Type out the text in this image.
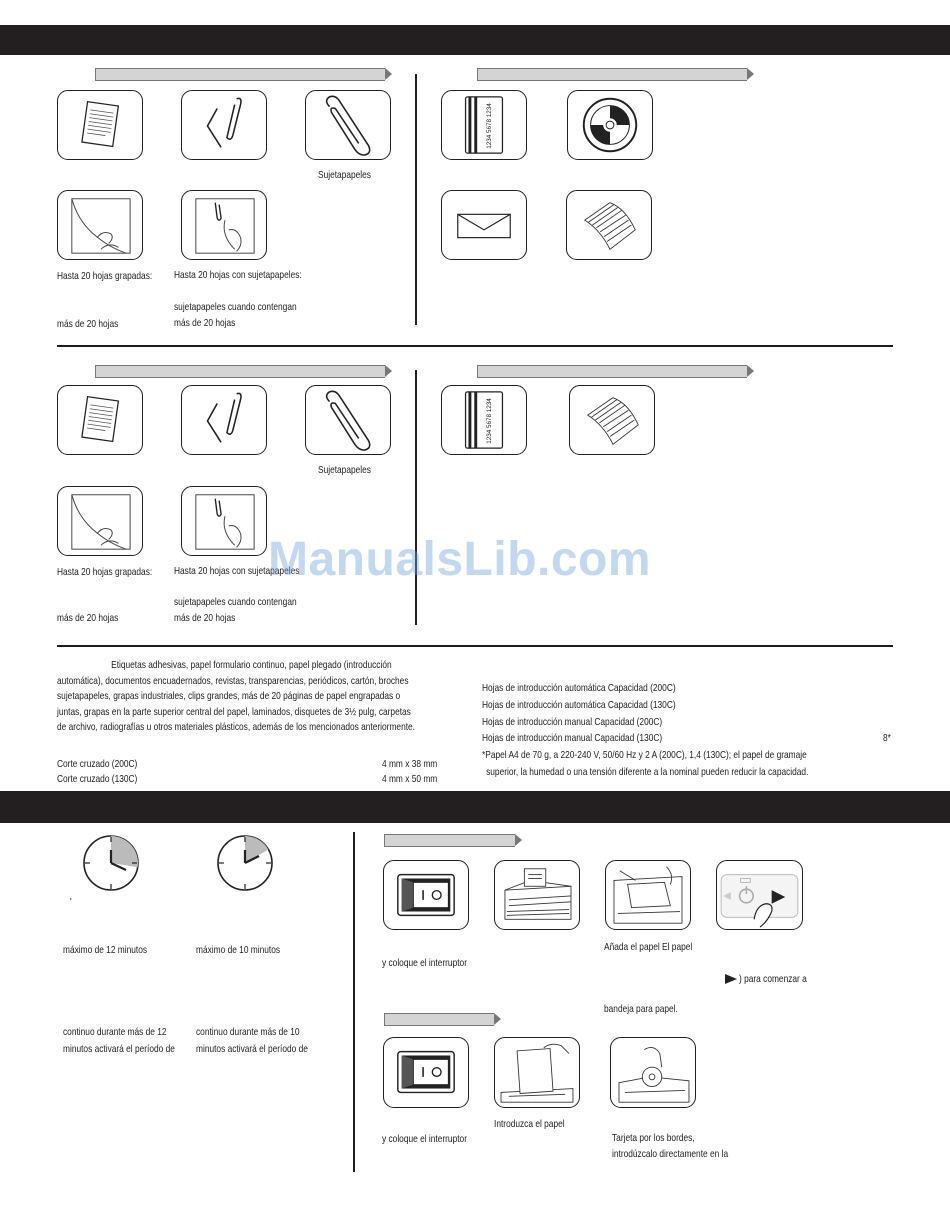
Sujetapapeles
Hasta 20 hojas grapadas:
más de 20 hojas
Hasta 20 hojas con sujetapapeles:
sujetapapeles cuando contengan
más de 20 hojas
1234 5678 1234
Sujetapapeles
Hasta 20 hojas grapadas:
más de 20 hojas
Hasta 20 hojas con sujetapapeles
sujetapapeles cuando contengan
más de 20 hojas
1234 5678 1234
Etiquetas adhesivas, papel formulario continuo, papel plegado (introducción
automática), documentos encuadernados, revistas, transparencias, periódicos, cartón, broches
sujetapapeles, grapas industriales, clips grandes, más de 20 páginas de papel engrapadas o
juntas, grapas en la parte superior central del papel, laminados, disquetes de 3½ pulg, carpetas
de archivo, radiografías u otros materiales plásticos, además de los mencionados anteriormente.
Corte cruzado (200C)	4 mm x 38 mm
Corte cruzado (130C)	4 mm x 50 mm
Hojas de introducción automática Capacidad (200C)
Hojas de introducción automática Capacidad (130C)
Hojas de introducción manual Capacidad (200C)
Hojas de introducción manual Capacidad (130C)
*Papel A4 de 70 g, a 220-240 V, 50/60 Hz y 2 A (200C), 1,4 (130C); el papel de gramaje
superior, la humedad o una tensión diferente a la nominal pueden reducir la capacidad.
8*
'
máximo de 12 minutos	máximo de 10 minutos
continuo durante más de 12
minutos activará el período de
continuo durante más de 10
minutos activará el período de
y coloque el interruptor
Añada el papel El papel
) para comenzar a
bandeja para papel.
y coloque el interruptor
Introduzca el papel
Tarjeta por los bordes,
introdúzcalo directamente en la
ManualsLib.com
